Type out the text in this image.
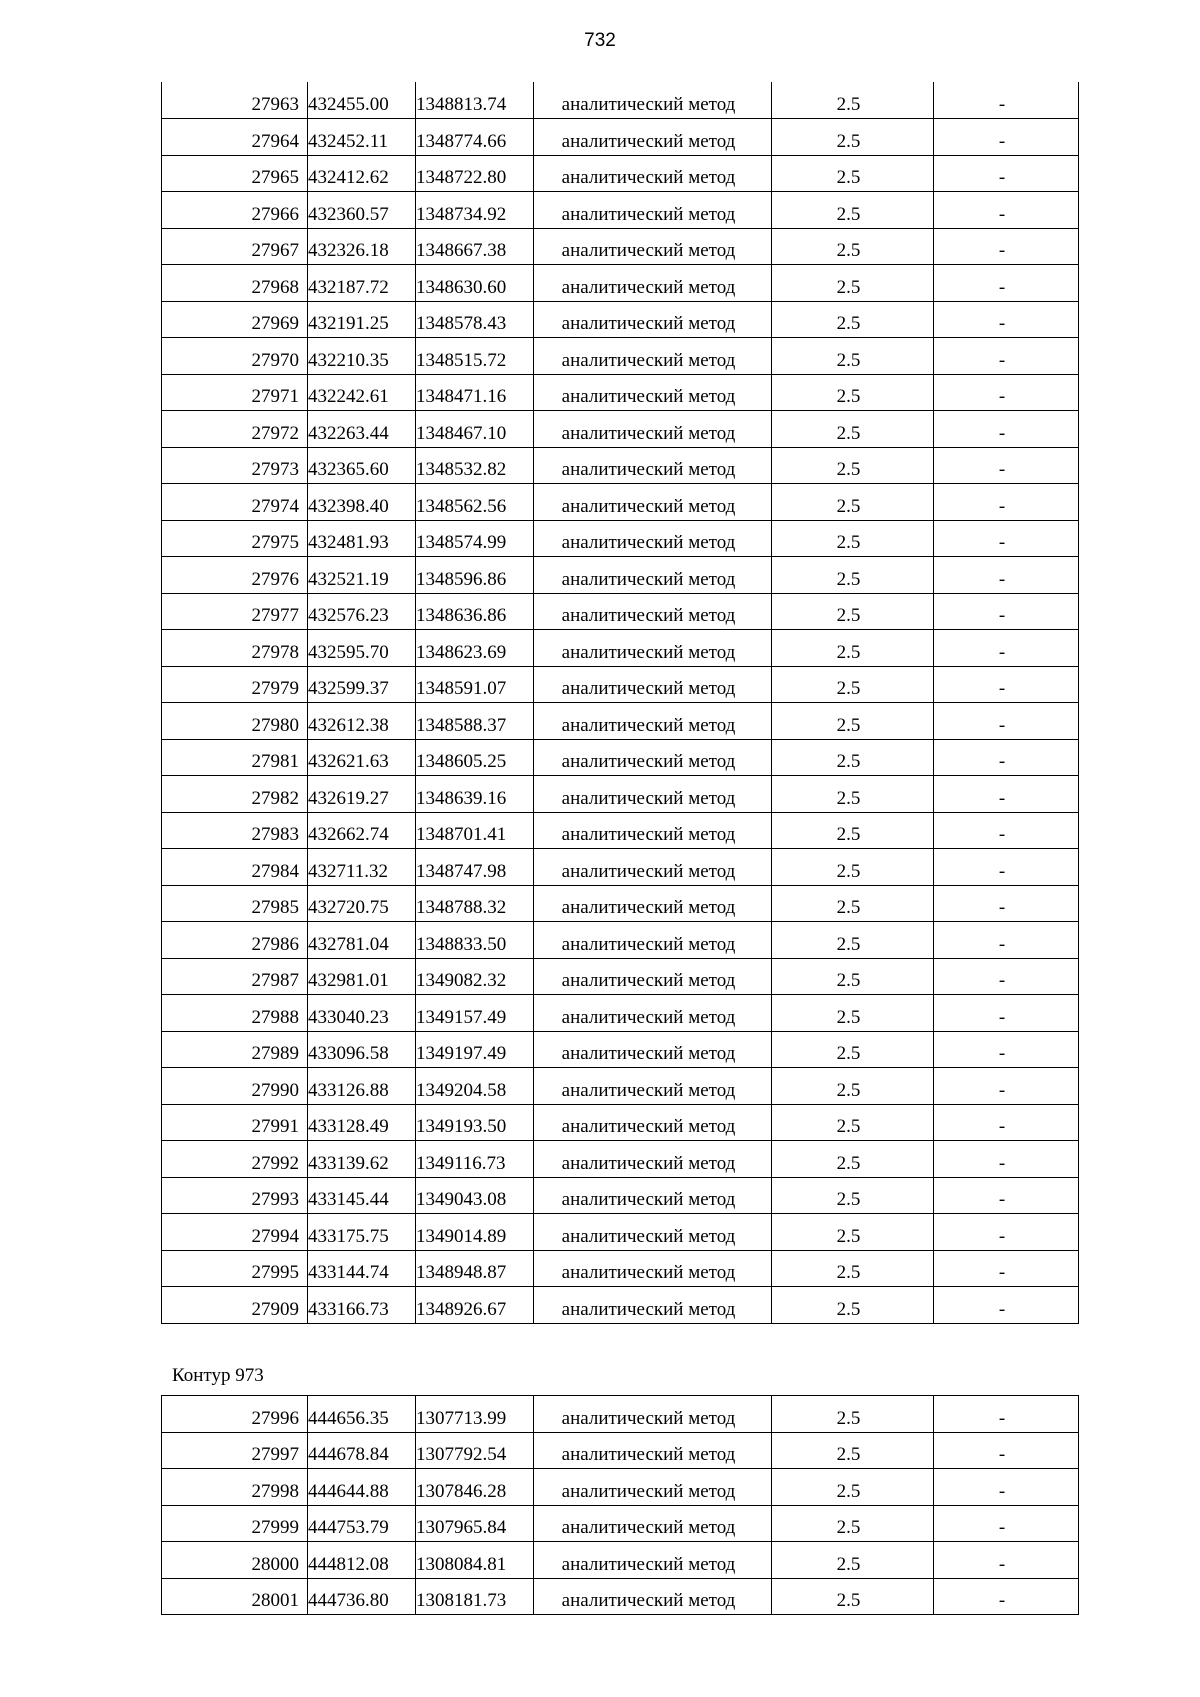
732
27963	432455.00	1348813.74	аналитический метод	2.5	-
27964	432452.11	1348774.66	аналитический метод	2.5	-
27965	432412.62	1348722.80	аналитический метод	2.5	-
27966	432360.57	1348734.92	аналитический метод	2.5	-
27967	432326.18	1348667.38	аналитический метод	2.5	-
27968	432187.72	1348630.60	аналитический метод	2.5	-
27969	432191.25	1348578.43	аналитический метод	2.5	-
27970	432210.35	1348515.72	аналитический метод	2.5	-
27971	432242.61	1348471.16	аналитический метод	2.5	-
27972	432263.44	1348467.10	аналитический метод	2.5	-
27973	432365.60	1348532.82	аналитический метод	2.5	-
27974	432398.40	1348562.56	аналитический метод	2.5	-
27975	432481.93	1348574.99	аналитический метод	2.5	-
27976	432521.19	1348596.86	аналитический метод	2.5	-
27977	432576.23	1348636.86	аналитический метод	2.5	-
27978	432595.70	1348623.69	аналитический метод	2.5	-
27979	432599.37	1348591.07	аналитический метод	2.5	-
27980	432612.38	1348588.37	аналитический метод	2.5	-
27981	432621.63	1348605.25	аналитический метод	2.5	-
27982	432619.27	1348639.16	аналитический метод	2.5	-
27983	432662.74	1348701.41	аналитический метод	2.5	-
27984	432711.32	1348747.98	аналитический метод	2.5	-
27985	432720.75	1348788.32	аналитический метод	2.5	-
27986	432781.04	1348833.50	аналитический метод	2.5	-
27987	432981.01	1349082.32	аналитический метод	2.5	-
27988	433040.23	1349157.49	аналитический метод	2.5	-
27989	433096.58	1349197.49	аналитический метод	2.5	-
27990	433126.88	1349204.58	аналитический метод	2.5	-
27991	433128.49	1349193.50	аналитический метод	2.5	-
27992	433139.62	1349116.73	аналитический метод	2.5	-
27993	433145.44	1349043.08	аналитический метод	2.5	-
27994	433175.75	1349014.89	аналитический метод	2.5	-
27995	433144.74	1348948.87	аналитический метод	2.5	-
27909	433166.73	1348926.67	аналитический метод	2.5	-
Контур 973
27996	444656.35	1307713.99	аналитический метод	2.5	-
27997	444678.84	1307792.54	аналитический метод	2.5	-
27998	444644.88	1307846.28	аналитический метод	2.5	-
27999	444753.79	1307965.84	аналитический метод	2.5	-
28000	444812.08	1308084.81	аналитический метод	2.5	-
28001	444736.80	1308181.73	аналитический метод	2.5	-
